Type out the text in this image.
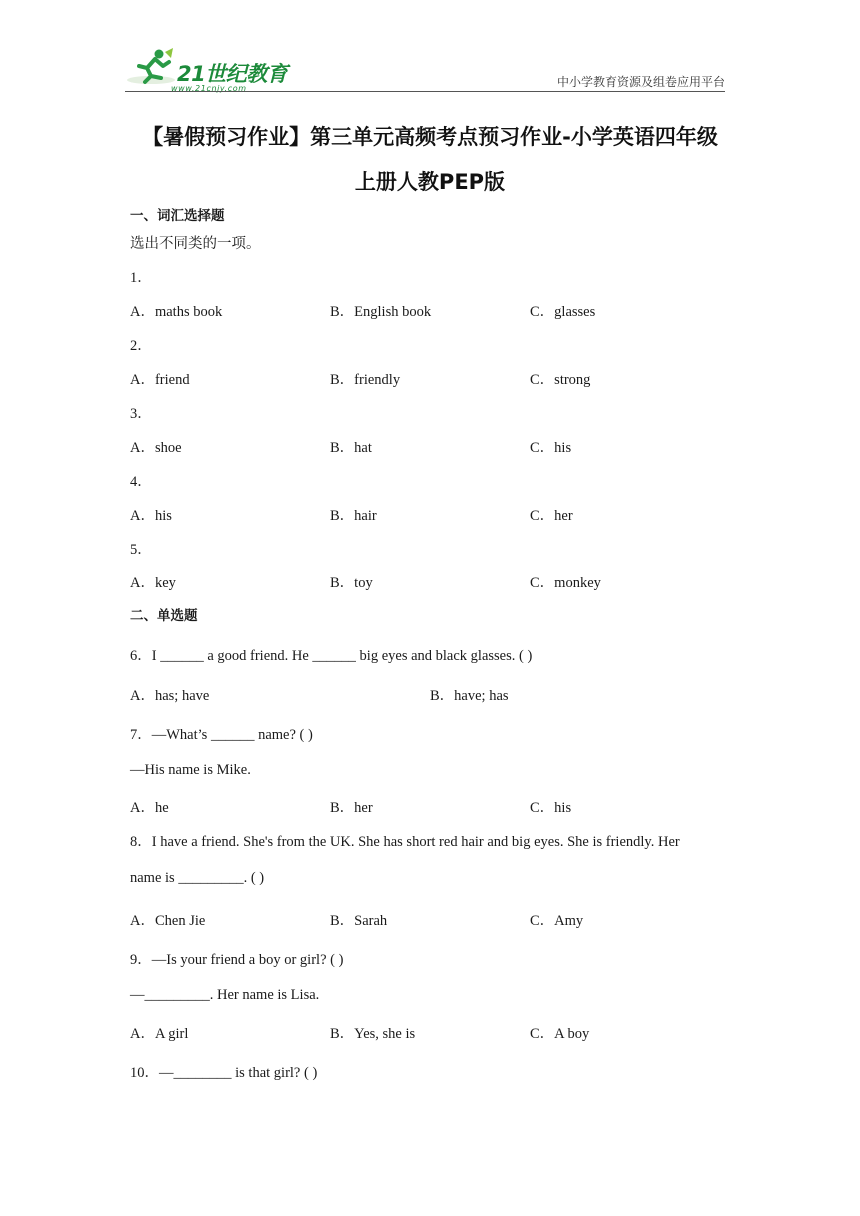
21世纪教育
www.21cnjy.com	中小学教育资源及组卷应用平台
【暑假预习作业】第三单元高频考点预习作业-小学英语四年级
上册人教PEP版
一、词汇选择题
选出不同类的一项。
1．
A．maths book	B．English book	C．glasses
2．
A．friend	B．friendly	C．strong
3．
A．shoe	B．hat	C．his
4．
A．his	B．hair	C．her
5．
A．key	B．toy	C．monkey
二、单选题
6．I ______ a good friend. He ______ big eyes and black glasses. ( )
A．has; have	B．have; has
7．—What’s ______ name? ( )
—His name is Mike.
A．he	B．her	C．his
8．I have a friend. She's from the UK. She has short red hair and big eyes. She is friendly. Her
name is _________. ( )
A．Chen Jie	B．Sarah	C．Amy
9．—Is your friend a boy or girl? ( )
—_________. Her name is Lisa.
A．A girl	B．Yes, she is	C．A boy
10．—________ is that girl? ( )
